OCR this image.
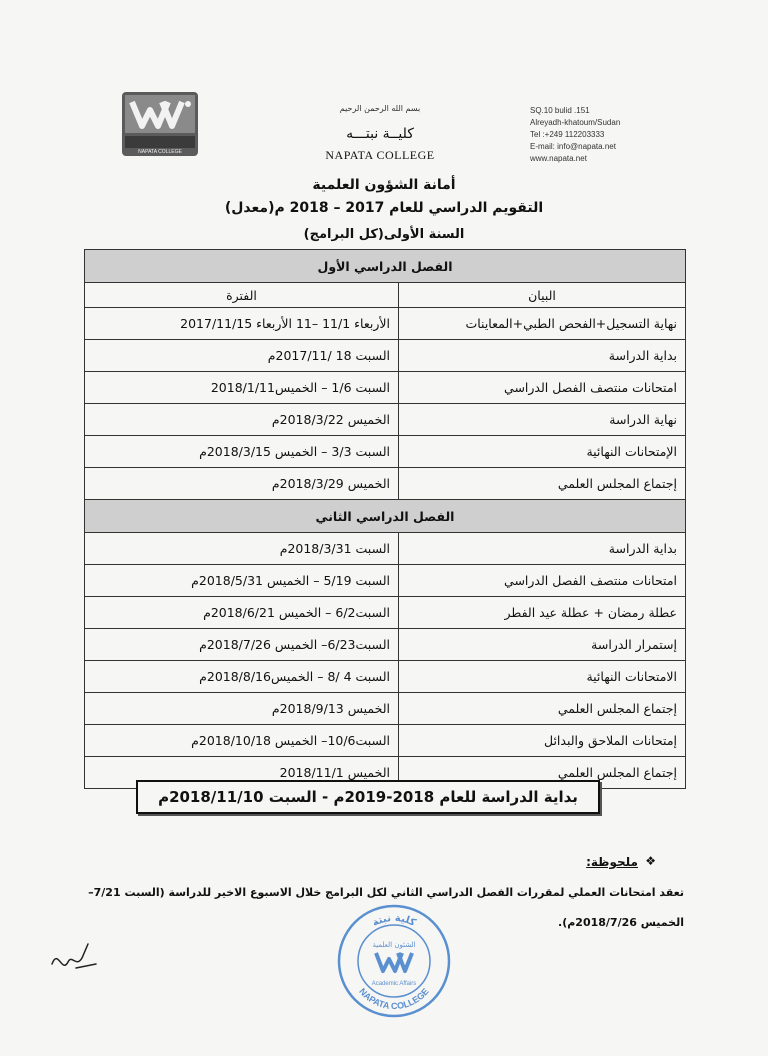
SQ.10 bulid .151
Alreyadh-khatoum/Sudan
Tel :+249 112203333
E-mail: info@napata.net
www.napata.net
بسم الله الرحمن الرحيم
كليــة نبتـــه
NAPATA COLLEGE
NAPATA COLLEGE
أمانة الشؤون العلمية
التقويم الدراسي للعام 2017 – 2018 م(معدل)
السنة الأولى(كل البرامج)
الفصل الدراسي الأول	
البيان	الفترة
نهاية التسجيل+الفحص الطبي+المعاينات	الأربعاء 11/1 –11 الأربعاء 2017/11/15
بداية الدراسة	السبت 18 /2017/11م
امتحانات منتصف الفصل الدراسي	السبت 1/6 – الخميس2018/1/11
نهاية الدراسة	الخميس 2018/3/22م
الإمتحانات النهائية	السبت 3/3 – الخميس 2018/3/15م
إجتماع المجلس العلمي	الخميس 2018/3/29م
الفصل الدراسي الثاني	
بداية الدراسة	السبت 2018/3/31م
امتحانات منتصف الفصل الدراسي	السبت 5/19 – الخميس 2018/5/31م
عطلة رمضان + عطلة عيد الفطر	السبت6/2 – الخميس 2018/6/21م
إستمرار الدراسة	السبت6/23– الخميس 2018/7/26م
الامتحانات النهائية	السبت 4 /8 – الخميس2018/8/16م
إجتماع المجلس العلمي	الخميس 2018/9/13م
إمتحانات الملاحق والبدائل	السبت10/6– الخميس 2018/10/18م
إجتماع المجلس العلمي	الخميس 2018/11/1
بداية الدراسة للعام 2018-2019م - السبت 2018/11/10م
❖
ملحوظة:
تعقد امتحانات العملي لمقررات الفصل الدراسي الثاني لكل البرامج خلال الاسبوع الاخير للدراسة (السبت 7/21– الخميس 2018/7/26م).
كلية نبتة
NAPATA COLLEGE
الشئون العلمية
Academic Affairs
